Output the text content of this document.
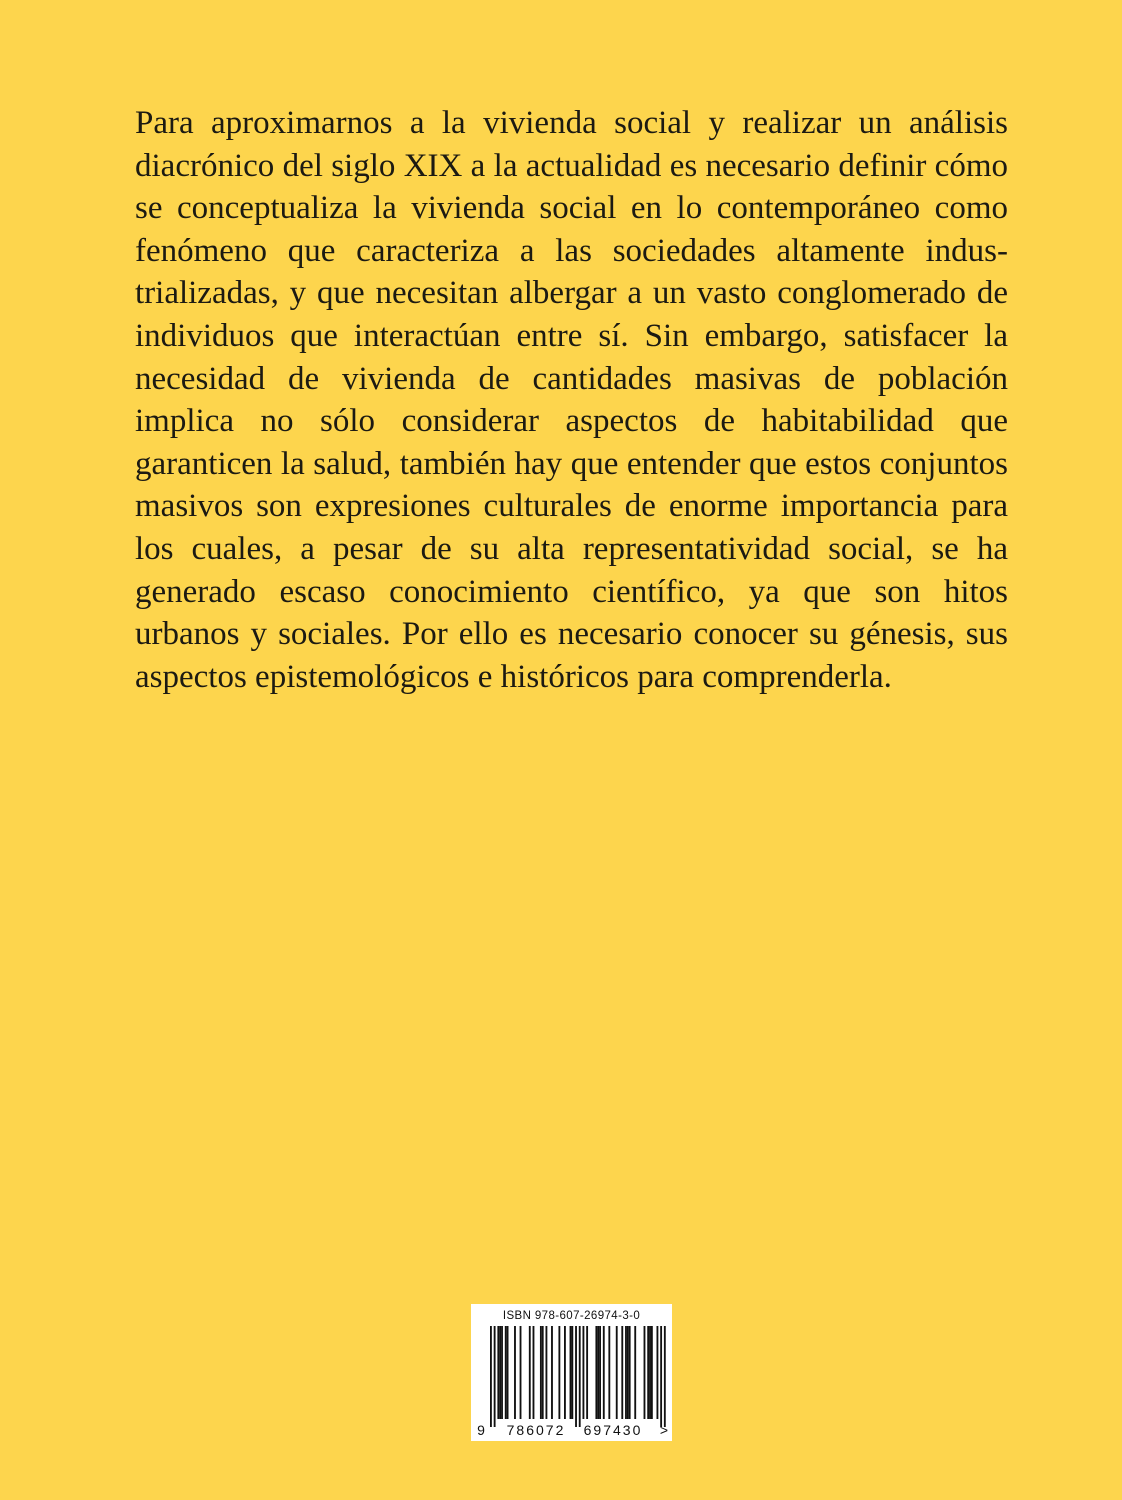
Para aproximarnos a la vivienda social y realizar un análisis diacrónico del siglo XIX a la actualidad es necesario definir cómo se conceptualiza la vivienda social en lo contemporáneo como fenómeno que caracteriza a las sociedades altamente industrializadas, y que necesitan albergar a un vasto conglomerado de individuos que interactúan entre sí. Sin embargo, satisfacer la necesidad de vivienda de cantidades masivas de población implica no sólo considerar aspectos de habitabilidad que garanticen la salud, también hay que entender que estos conjuntos masivos son expresiones culturales de enorme importancia para los cuales, a pesar de su alta representatividad social, se ha generado escaso conocimiento científico, ya que son hitos urbanos y sociales. Por ello es necesario conocer su génesis, sus aspectos epistemológicos e históricos para comprenderla.

ISBN 978-607-26974-3-0
9 786072 697430 >
